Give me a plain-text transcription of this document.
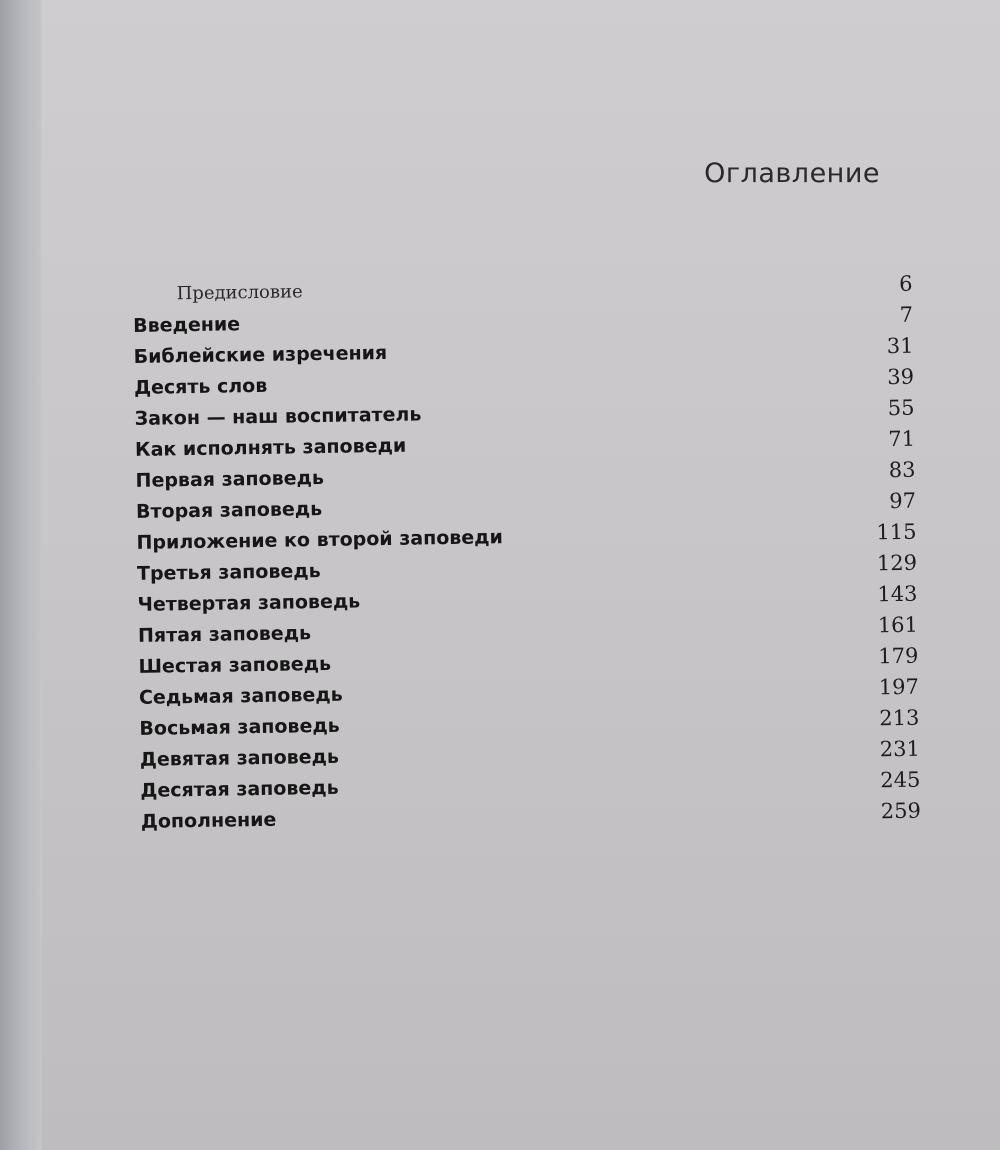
Оглавление
Предисловие	6
Введение	7
Библейские изречения	31
Десять слов	39
Закон — наш воспитатель	55
Как исполнять заповеди	71
Первая заповедь	83
Вторая заповедь	97
Приложение ко второй заповеди	115
Третья заповедь	129
Четвертая заповедь	143
Пятая заповедь	161
Шестая заповедь	179
Седьмая заповедь	197
Восьмая заповедь	213
Девятая заповедь	231
Десятая заповедь	245
Дополнение	259
